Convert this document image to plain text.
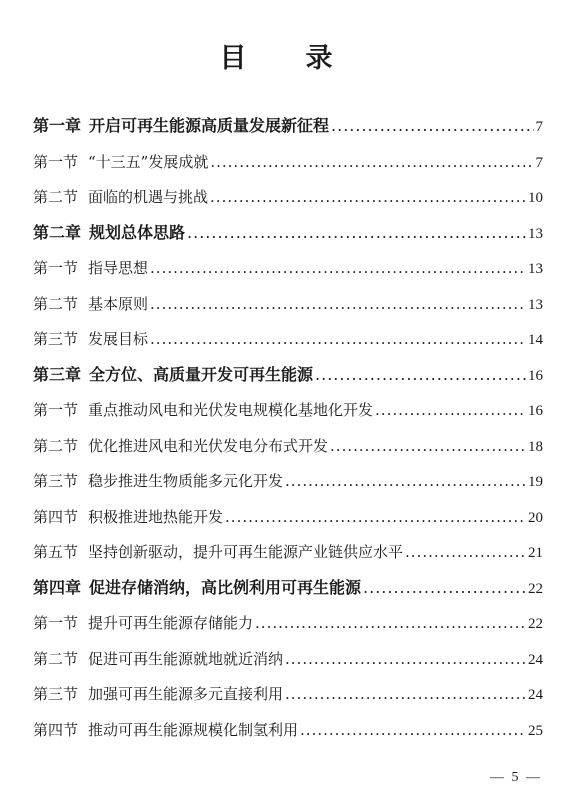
目　录
第一章 开启可再生能源高质量发展新征程 .....	7
第一节 “十三五”发展成就 .....	7
第二节 面临的机遇与挑战 .....	10
第二章 规划总体思路 .....	13
第一节 指导思想 .....	13
第二节 基本原则 .....	13
第三节 发展目标 .....	14
第三章 全方位、高质量开发可再生能源 .....	16
第一节 重点推动风电和光伏发电规模化基地化开发 .....	16
第二节 优化推进风电和光伏发电分布式开发 .....	18
第三节 稳步推进生物质能多元化开发 .....	19
第四节 积极推进地热能开发 .....	20
第五节 坚持创新驱动，提升可再生能源产业链供应水平 .....	21
第四章 促进存储消纳，高比例利用可再生能源 .....	22
第一节 提升可再生能源存储能力 .....	22
第二节 促进可再生能源就地就近消纳 .....	24
第三节 加强可再生能源多元直接利用 .....	24
第四节 推动可再生能源规模化制氢利用 .....	25
— 5 —
